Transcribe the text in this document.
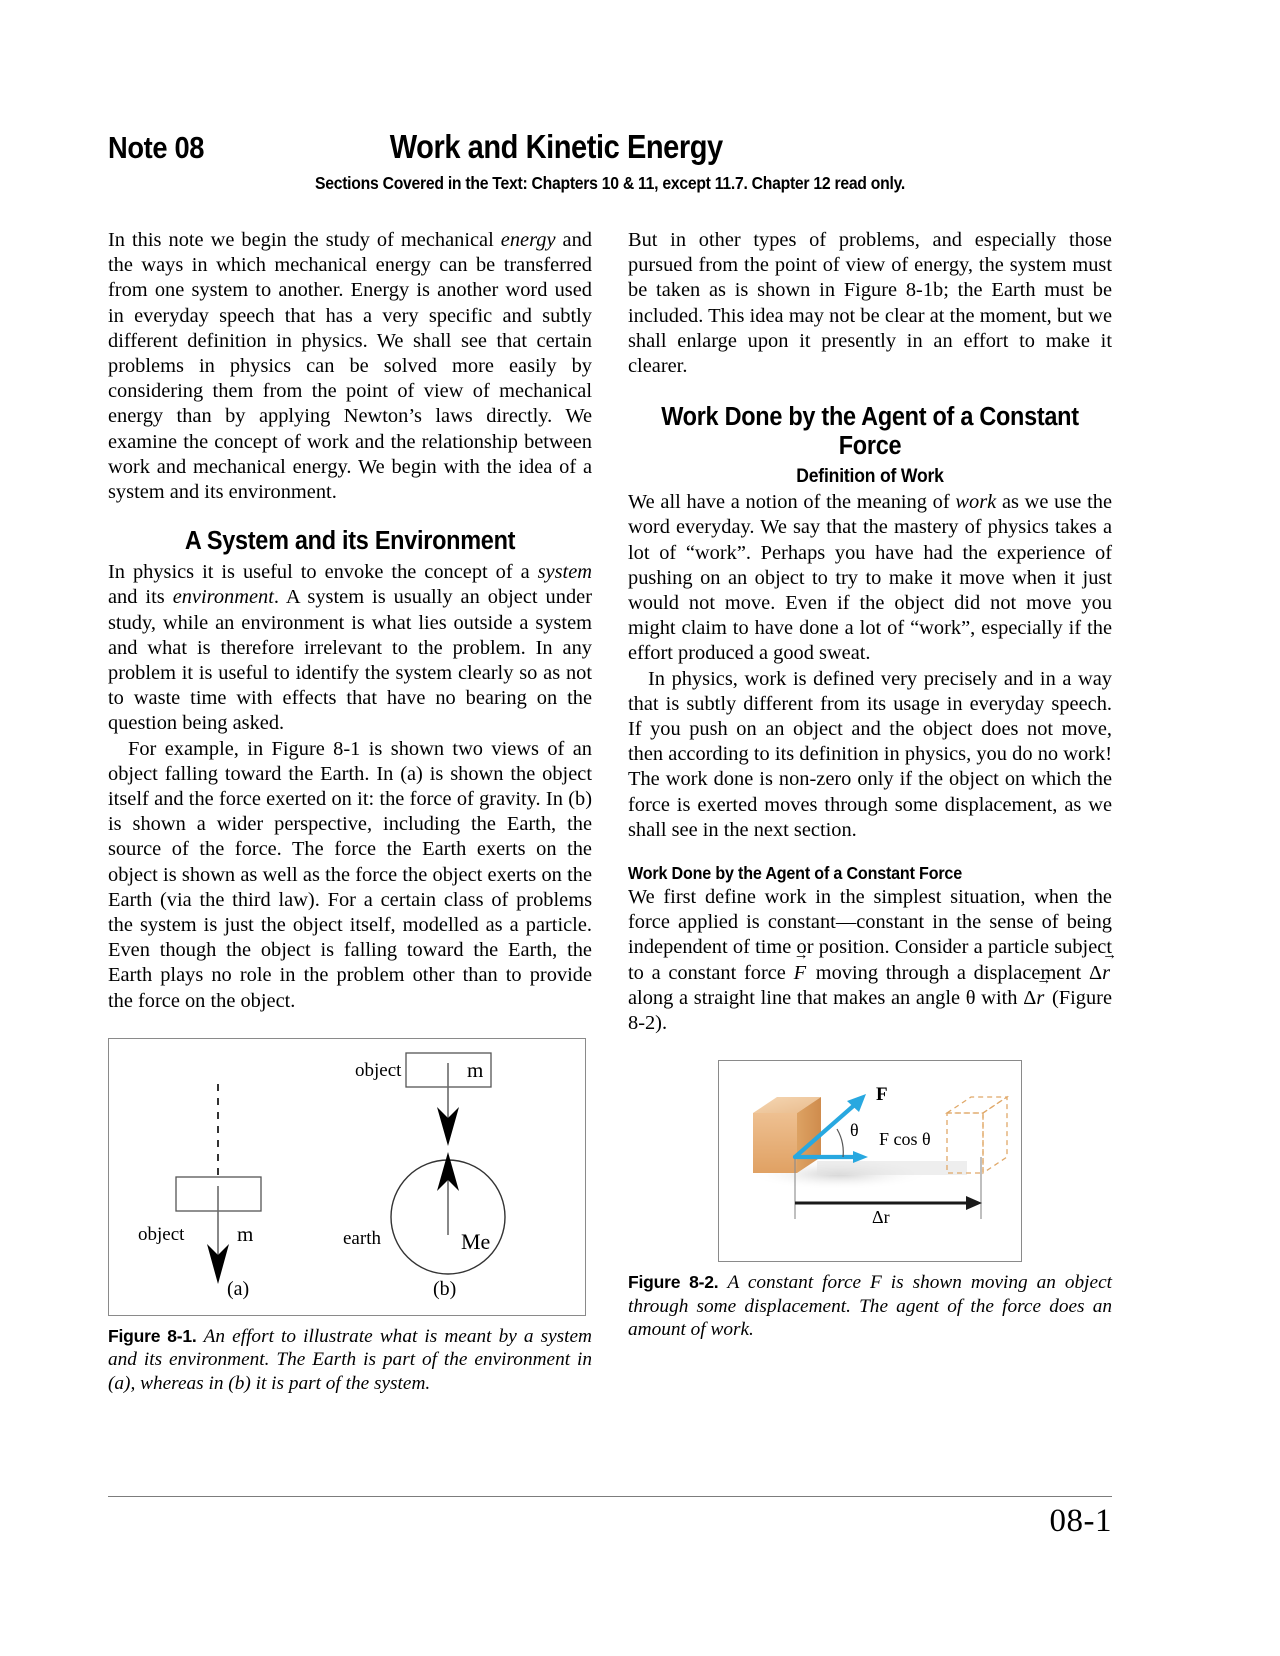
Note 08	Work and Kinetic Energy
Sections Covered in the Text: Chapters 10 & 11, except 11.7. Chapter 12 read only.

In this note we begin the study of mechanical energy and the ways in which mechanical energy can be transferred from one system to another. Energy is another word used in everyday speech that has a very specific and subtly different definition in physics. We shall see that certain problems in physics can be solved more easily by considering them from the point of view of mechanical energy than by applying Newton’s laws directly. We examine the concept of work and the relationship between work and mechanical energy. We begin with the idea of a system and its environment.

A System and its Environment

In physics it is useful to envoke the concept of a system and its environment. A system is usually an object under study, while an environment is what lies outside a system and what is therefore irrelevant to the problem. In any problem it is useful to identify the system clearly so as not to waste time with effects that have no bearing on the question being asked.

For example, in Figure 8-1 is shown two views of an object falling toward the Earth. In (a) is shown the object itself and the force exerted on it: the force of gravity. In (b) is shown a wider perspective, including the Earth, the source of the force. The force the Earth exerts on the object is shown as well as the force the object exerts on the Earth (via the third law). For a certain class of problems the system is just the object itself, modelled as a particle. Even though the object is falling toward the Earth, the Earth plays no role in the problem other than to provide the force on the object.

object	m
object	m
earth	Me
(a)	(b)
Figure 8-1. An effort to illustrate what is meant by a system and its environment. The Earth is part of the environment in (a), whereas in (b) it is part of the system.

But in other types of problems, and especially those pursued from the point of view of energy, the system must be taken as is shown in Figure 8-1b; the Earth must be included. This idea may not be clear at the moment, but we shall enlarge upon it presently in an effort to make it clearer.

Work Done by the Agent of a Constant Force
Definition of Work

We all have a notion of the meaning of work as we use the word everyday. We say that the mastery of physics takes a lot of “work”. Perhaps you have had the experience of pushing on an object to try to make it move when it just would not move. Even if the object did not move you might claim to have done a lot of “work”, especially if the effort produced a good sweat.

In physics, work is defined very precisely and in a way that is subtly different from its usage in everyday speech. If you push on an object and the object does not move, then according to its definition in physics, you do no work! The work done is non-zero only if the object on which the force is exerted moves through some displacement, as we shall see in the next section.

Work Done by the Agent of a Constant Force

We first define work in the simplest situation, when the force applied is constant—constant in the sense of being independent of time or position. Consider a particle subject to a constant force F → moving through a displacement Δr → along a straight line that makes an angle θ with Δr → (Figure 8-2).

F
θ F cos θ
Δr
Figure 8-2. A constant force F is shown moving an object through some displacement. The agent of the force does an amount of work.
08-1
